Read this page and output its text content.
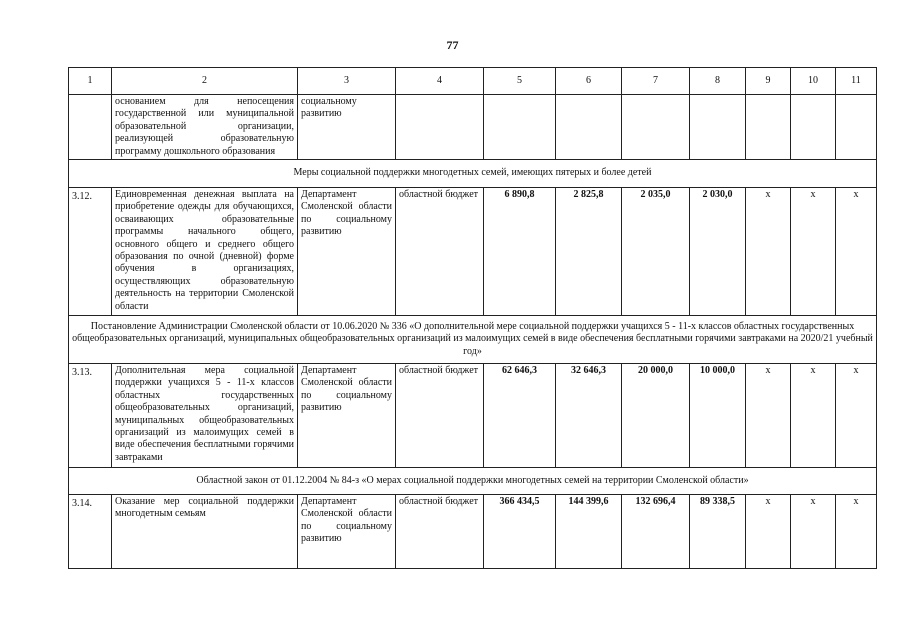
77
1	2	3	4	5	6	7	8	9	10	11
	основанием для непосещения государственной или муниципальной образовательной организации, реализующей образовательную программу дошкольного образования	социальному развитию								
Меры социальной поддержки многодетных семей, имеющих пятерых и более детей										
3.12.	Единовременная денежная выплата на приобретение одежды для обучающихся, осваивающих образовательные программы начального общего, основного общего и среднего общего образования по очной (дневной) форме обучения в организациях, осуществляющих образовательную деятельность на территории Смоленской области	Департамент Смоленской области по социальному развитию	областной бюджет	6 890,8	2 825,8	2 035,0	2 030,0	х	х	х
Постановление Администрации Смоленской области от 10.06.2020 № 336 «О дополнительной мере социальной поддержки учащихся 5 - 11-х классов областных государственных общеобразовательных организаций, муниципальных общеобразовательных организаций из малоимущих семей в виде обеспечения бесплатными горячими завтраками на 2020/21 учебный год»										
3.13.	Дополнительная мера социальной поддержки учащихся 5 - 11-х классов областных государственных общеобразовательных организаций, муниципальных общеобразовательных организаций из малоимущих семей в виде обеспечения бесплатными горячими завтраками	Департамент Смоленской области по социальному развитию	областной бюджет	62 646,3	32 646,3	20 000,0	10 000,0	х	х	х
Областной закон от 01.12.2004 № 84-з «О мерах социальной поддержки многодетных семей на территории Смоленской области»										
3.14.	Оказание мер социальной поддержки многодетным семьям	Департамент Смоленской области по социальному развитию	областной бюджет	366 434,5	144 399,6	132 696,4	89 338,5	х	х	х
